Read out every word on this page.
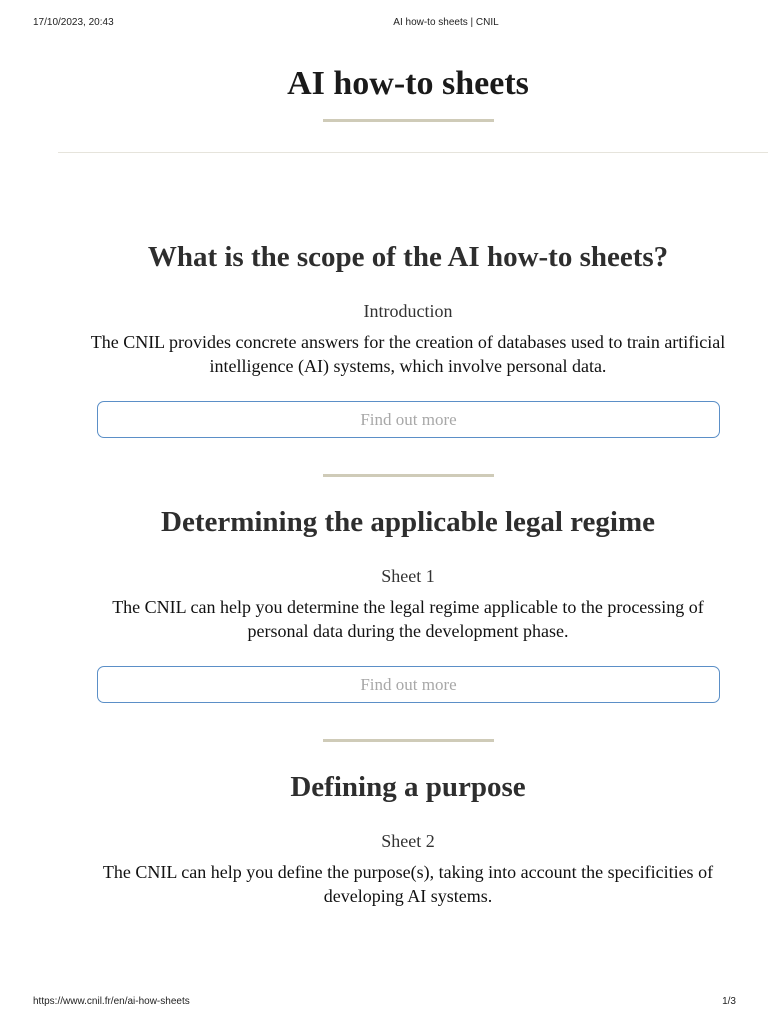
17/10/2023, 20:43	AI how-to sheets | CNIL
AI how-to sheets
What is the scope of the AI how-to sheets?

Introduction

The CNIL provides concrete answers for the creation of databases used to train artificial intelligence (AI) systems, which involve personal data.

Find out more
Determining the applicable legal regime

Sheet 1

The CNIL can help you determine the legal regime applicable to the processing of personal data during the development phase.

Find out more
Defining a purpose

Sheet 2

The CNIL can help you define the purpose(s), taking into account the specificities of developing AI systems.

https://www.cnil.fr/en/ai-how-sheets	1/3
